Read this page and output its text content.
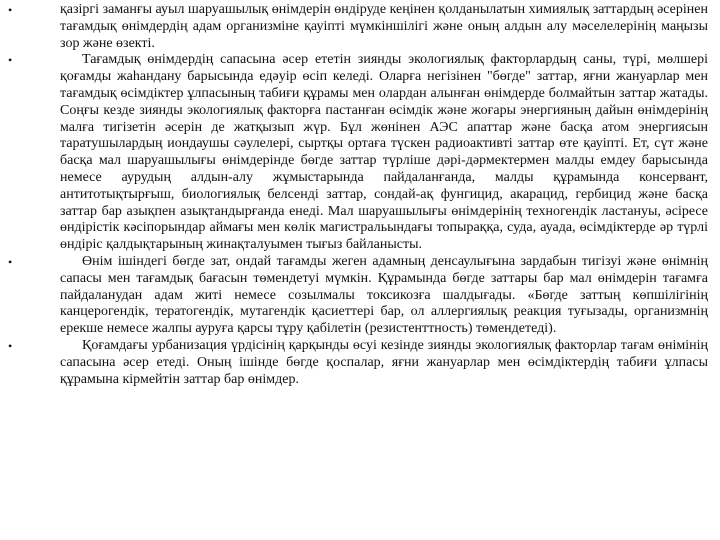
•	қазіргі заманғы ауыл шаруашылық өнімдерін өндіруде кеңінен қолданылатын химиялық заттардың әсерінен тағамдық өнімдердің адам организміне қауіпті мүмкіншілігі және оның алдын алу мәселелерінің маңызы зор және өзекті.

•	Тағамдық өнімдердің сапасына әсер ететін зиянды экологиялық факторлардың саны, түрі, мөлшері қоғамды жаһандану барысында едәуір өсіп келеді. Оларға негізінен "бөгде" заттар, яғни жануарлар мен тағамдық өсімдіктер ұлпасының табиғи құрамы мен олардан алынған өнімдерде болмайтын заттар жатады. Соңғы кезде зиянды экологиялық факторға пастанған өсімдік және жоғары энергияның дайын өнімдерінің малға тигізетін әсерін де жатқызып жүр. Бұл жөнінен АЭС апаттар және басқа атом энергиясын таратушылардың иондаушы сәулелері, сыртқы ортаға түскен радиоактивті заттар өте қауіпті. Ет, сүт және басқа мал шаруашылығы өнімдерінде бөгде заттар түрліше дәрі-дәрмектермен малды емдеу барысында немесе аурудың алдын-алу жұмыстарында пайдаланғанда, малды құрамында консервант, антитотықтырғыш, биологиялық белсенді заттар, сондай-ақ фунгицид, акарацид, гербицид және басқа заттар бар азықпен азықтандырғанда енеді. Мал шаруашылығы өнімдерінің техногендік ластануы, әсіресе өндірістік кәсіпорындар аймағы мен көлік магистральындағы топыраққа, суда, ауада, өсімдіктерде әр түрлі өндіріс қалдықтарының жинақталуымен тығыз байланысты.

•	Өнім ішіндегі бөгде зат, ондай тағамды жеген адамның денсаулығына зардабын тигізуі және өнімнің сапасы мен тағамдық бағасын төмендетуі мүмкін. Құрамында бөгде заттары бар мал өнімдерін тағамға пайдаланудан адам житі немесе созылмалы токсикозға шалдығады. «Бөгде заттың көпшілігінің канцерогендік, тератогендік, мутагендік қасиеттері бар, ол аллергиялық реакция туғызады, организмнің ерекше немесе жалпы ауруға қарсы тұру қабілетін (резистенттность) төмендетеді).

•	Қоғамдағы урбанизация үрдісінің қарқынды өсуі кезінде зиянды экологиялық факторлар тағам өнімінің сапасына әсер етеді. Оның ішінде бөгде қоспалар, яғни жануарлар мен өсімдіктердің табиғи ұлпасы құрамына кірмейтін заттар бар өнімдер.
